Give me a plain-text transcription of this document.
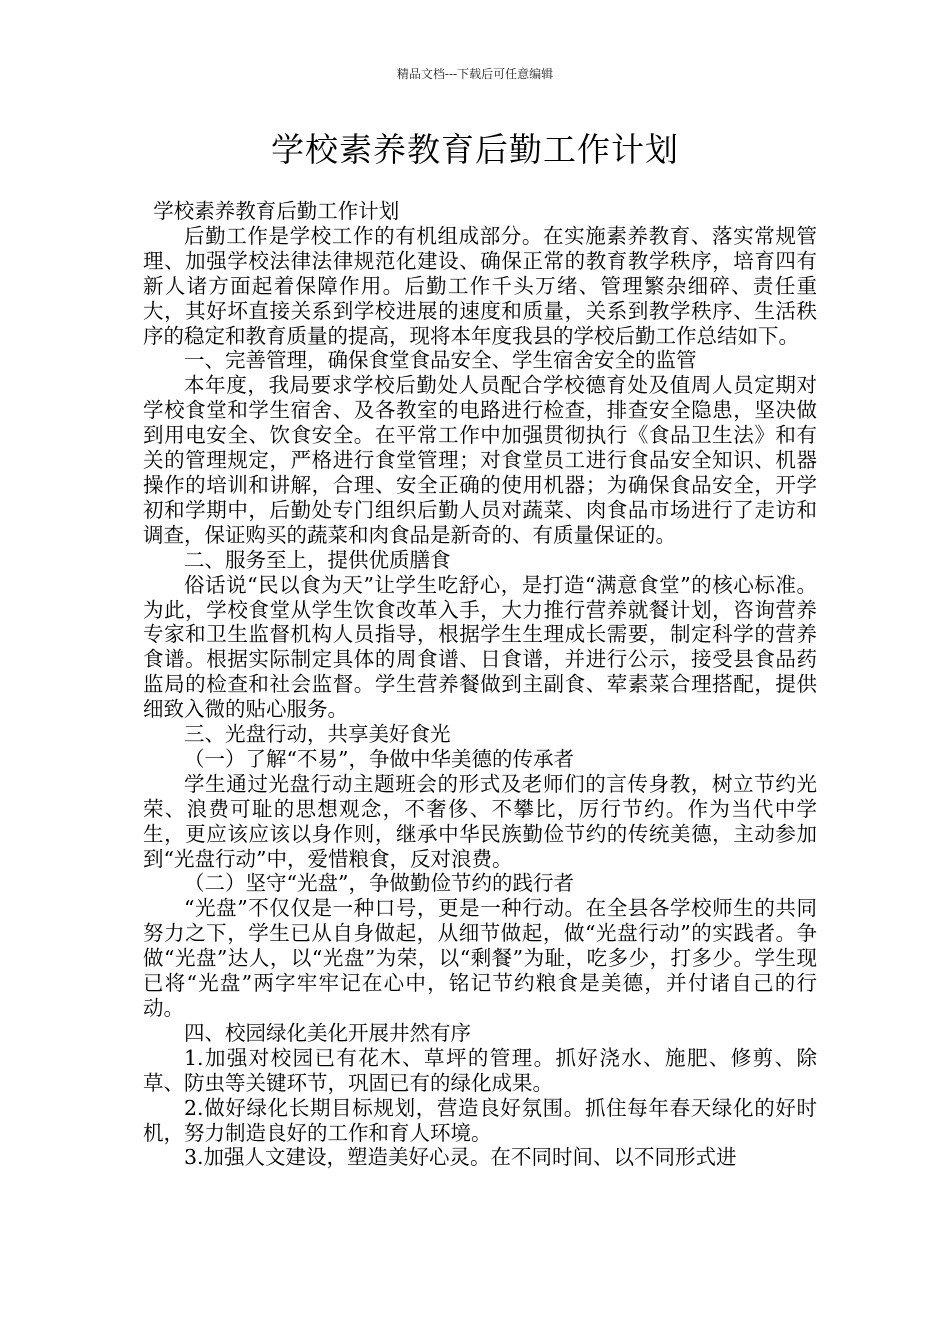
精品文档---下载后可任意编辑
学校素养教育后勤工作计划

学校素养教育后勤工作计划

后勤工作是学校工作的有机组成部分。在实施素养教育、落实常规管理、加强学校法律法律规范化建设、确保正常的教育教学秩序，培育四有新人诸方面起着保障作用。后勤工作千头万绪、管理繁杂细碎、责任重大，其好坏直接关系到学校进展的速度和质量，关系到教学秩序、生活秩序的稳定和教育质量的提高，现将本年度我县的学校后勤工作总结如下。

一、完善管理，确保食堂食品安全、学生宿舍安全的监管

本年度，我局要求学校后勤处人员配合学校德育处及值周人员定期对学校食堂和学生宿舍、及各教室的电路进行检查，排查安全隐患，坚决做到用电安全、饮食安全。在平常工作中加强贯彻执行《食品卫生法》和有关的管理规定，严格进行食堂管理；对食堂员工进行食品安全知识、机器操作的培训和讲解，合理、安全正确的使用机器；为确保食品安全，开学初和学期中，后勤处专门组织后勤人员对蔬菜、肉食品市场进行了走访和调查，保证购买的蔬菜和肉食品是新奇的、有质量保证的。

二、服务至上，提供优质膳食

俗话说“民以食为天”让学生吃舒心，是打造“满意食堂”的核心标准。为此，学校食堂从学生饮食改革入手，大力推行营养就餐计划，咨询营养专家和卫生监督机构人员指导，根据学生生理成长需要，制定科学的营养食谱。根据实际制定具体的周食谱、日食谱，并进行公示，接受县食品药监局的检查和社会监督。学生营养餐做到主副食、荤素菜合理搭配，提供细致入微的贴心服务。

三、光盘行动，共享美好食光

（一）了解“不易”，争做中华美德的传承者

学生通过光盘行动主题班会的形式及老师们的言传身教，树立节约光荣、浪费可耻的思想观念，不奢侈、不攀比，厉行节约。作为当代中学生，更应该应该以身作则，继承中华民族勤俭节约的传统美德，主动参加到“光盘行动”中，爱惜粮食，反对浪费。

（二）坚守“光盘”，争做勤俭节约的践行者

“光盘”不仅仅是一种口号，更是一种行动。在全县各学校师生的共同努力之下，学生已从自身做起，从细节做起，做“光盘行动”的实践者。争做“光盘”达人，以“光盘”为荣，以“剩餐”为耻，吃多少，打多少。学生现已将“光盘”两字牢牢记在心中，铭记节约粮食是美德，并付诸自己的行动。

四、校园绿化美化开展井然有序

1.加强对校园已有花木、草坪的管理。抓好浇水、施肥、修剪、除草、防虫等关键环节，巩固已有的绿化成果。

2.做好绿化长期目标规划，营造良好氛围。抓住每年春天绿化的好时机，努力制造良好的工作和育人环境。

3.加强人文建设，塑造美好心灵。在不同时间、以不同形式进
